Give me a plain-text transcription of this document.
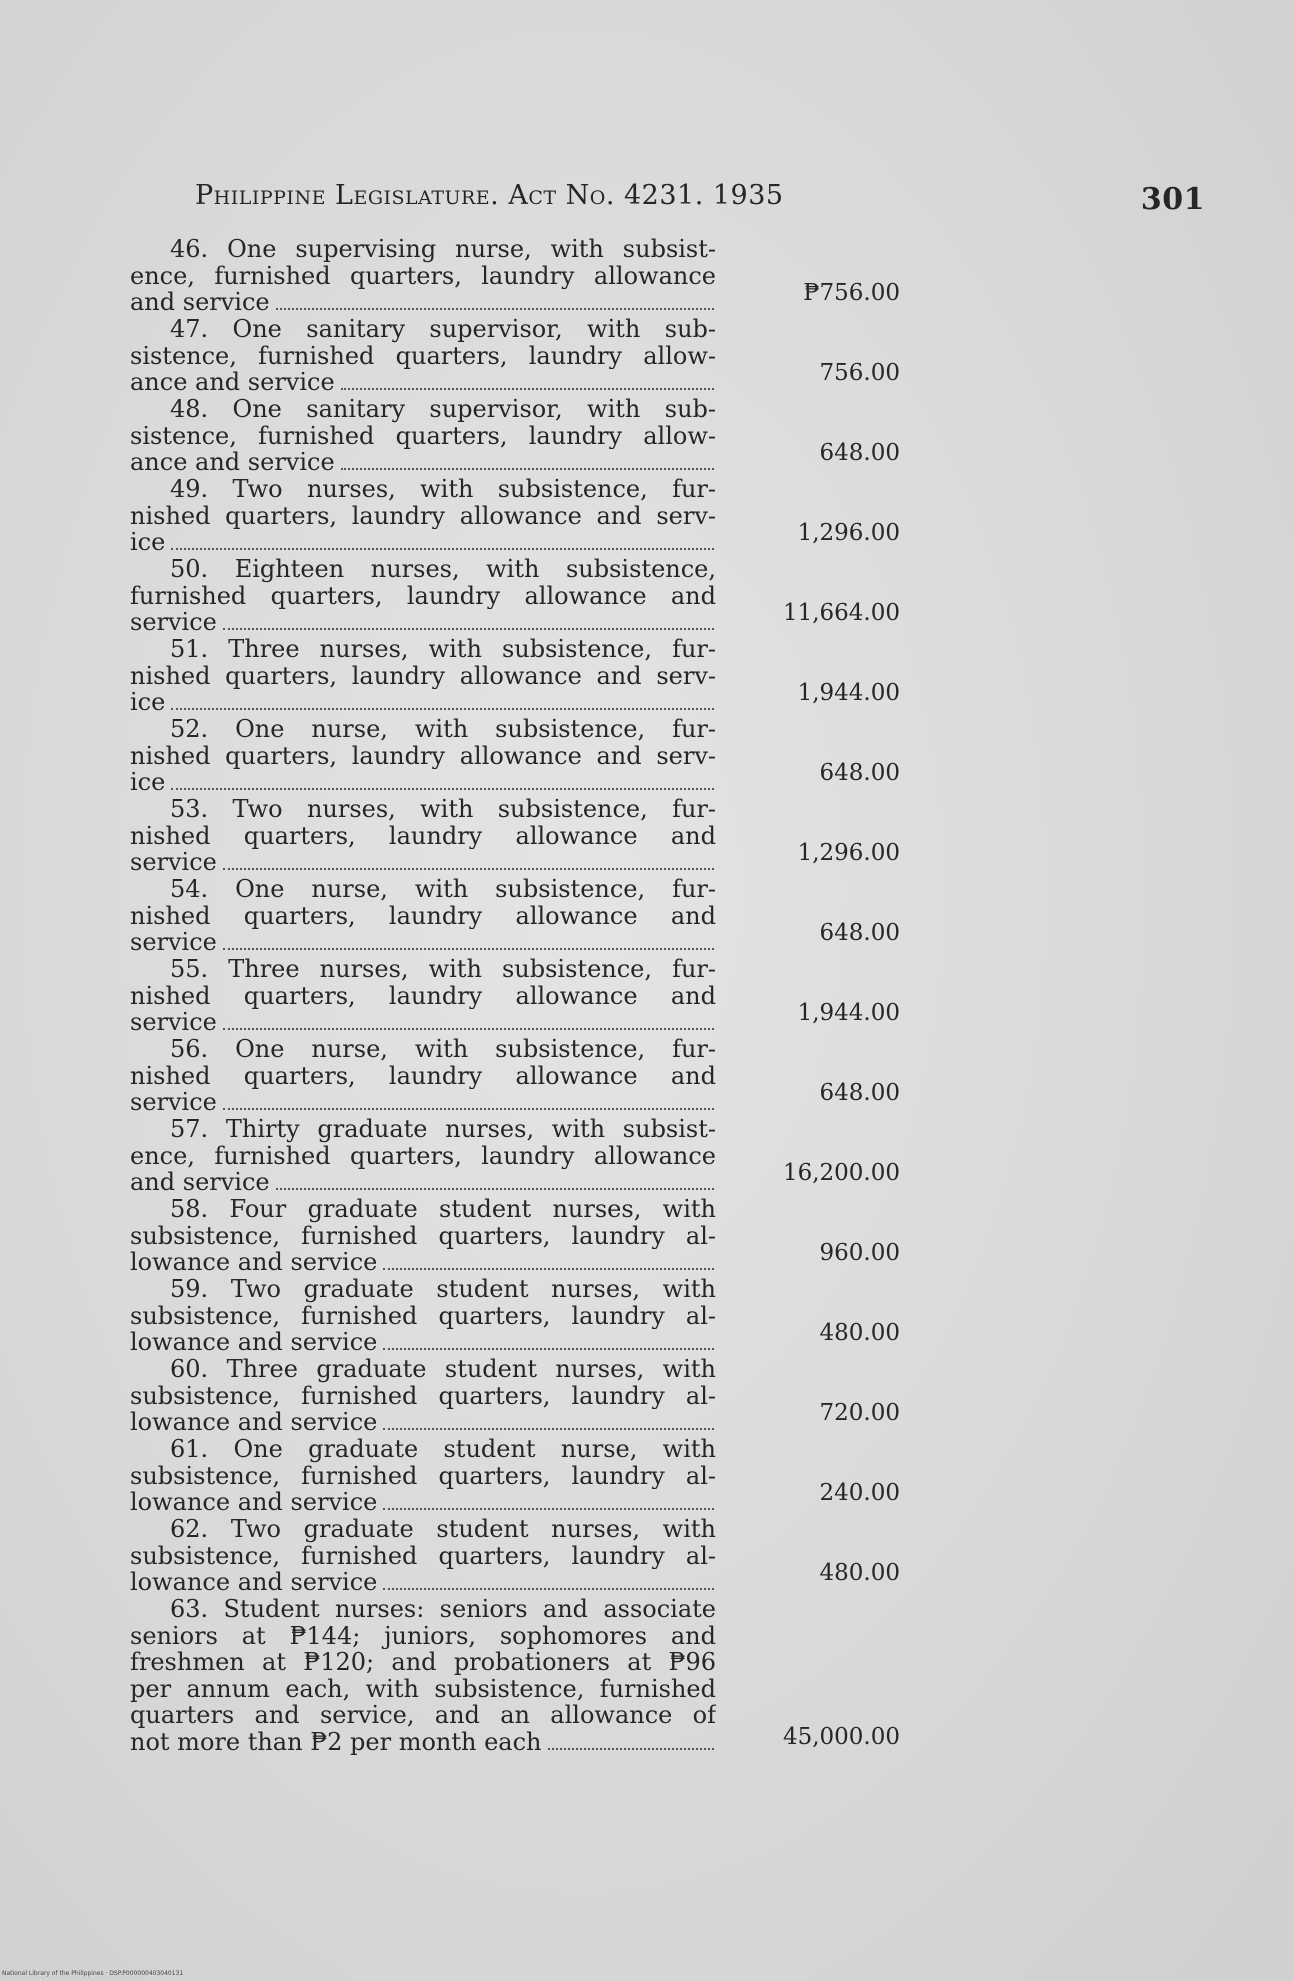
Philippine Legislature. Act No. 4231. 1935	301
46. One supervising nurse, with subsist-
ence, furnished quarters, laundry allowance
and service	₱756.00
47. One sanitary supervisor, with sub-
sistence, furnished quarters, laundry allow-
ance and service	756.00
48. One sanitary supervisor, with sub-
sistence, furnished quarters, laundry allow-
ance and service	648.00
49. Two nurses, with subsistence, fur-
nished quarters, laundry allowance and serv-
ice	1,296.00
50. Eighteen nurses, with subsistence,
furnished quarters, laundry allowance and
service	11,664.00
51. Three nurses, with subsistence, fur-
nished quarters, laundry allowance and serv-
ice	1,944.00
52. One nurse, with subsistence, fur-
nished quarters, laundry allowance and serv-
ice	648.00
53. Two nurses, with subsistence, fur-
nished quarters, laundry allowance and
service	1,296.00
54. One nurse, with subsistence, fur-
nished quarters, laundry allowance and
service	648.00
55. Three nurses, with subsistence, fur-
nished quarters, laundry allowance and
service	1,944.00
56. One nurse, with subsistence, fur-
nished quarters, laundry allowance and
service	648.00
57. Thirty graduate nurses, with subsist-
ence, furnished quarters, laundry allowance
and service	16,200.00
58. Four graduate student nurses, with
subsistence, furnished quarters, laundry al-
lowance and service	960.00
59. Two graduate student nurses, with
subsistence, furnished quarters, laundry al-
lowance and service	480.00
60. Three graduate student nurses, with
subsistence, furnished quarters, laundry al-
lowance and service	720.00
61. One graduate student nurse, with
subsistence, furnished quarters, laundry al-
lowance and service	240.00
62. Two graduate student nurses, with
subsistence, furnished quarters, laundry al-
lowance and service	480.00
63. Student nurses: seniors and associate
seniors at ₱144; juniors, sophomores and
freshmen at ₱120; and probationers at ₱96
per annum each, with subsistence, furnished
quarters and service, and an allowance of
not more than ₱2 per month each	45,000.00
National Library of the Philippines · DSP.P000000403040131
